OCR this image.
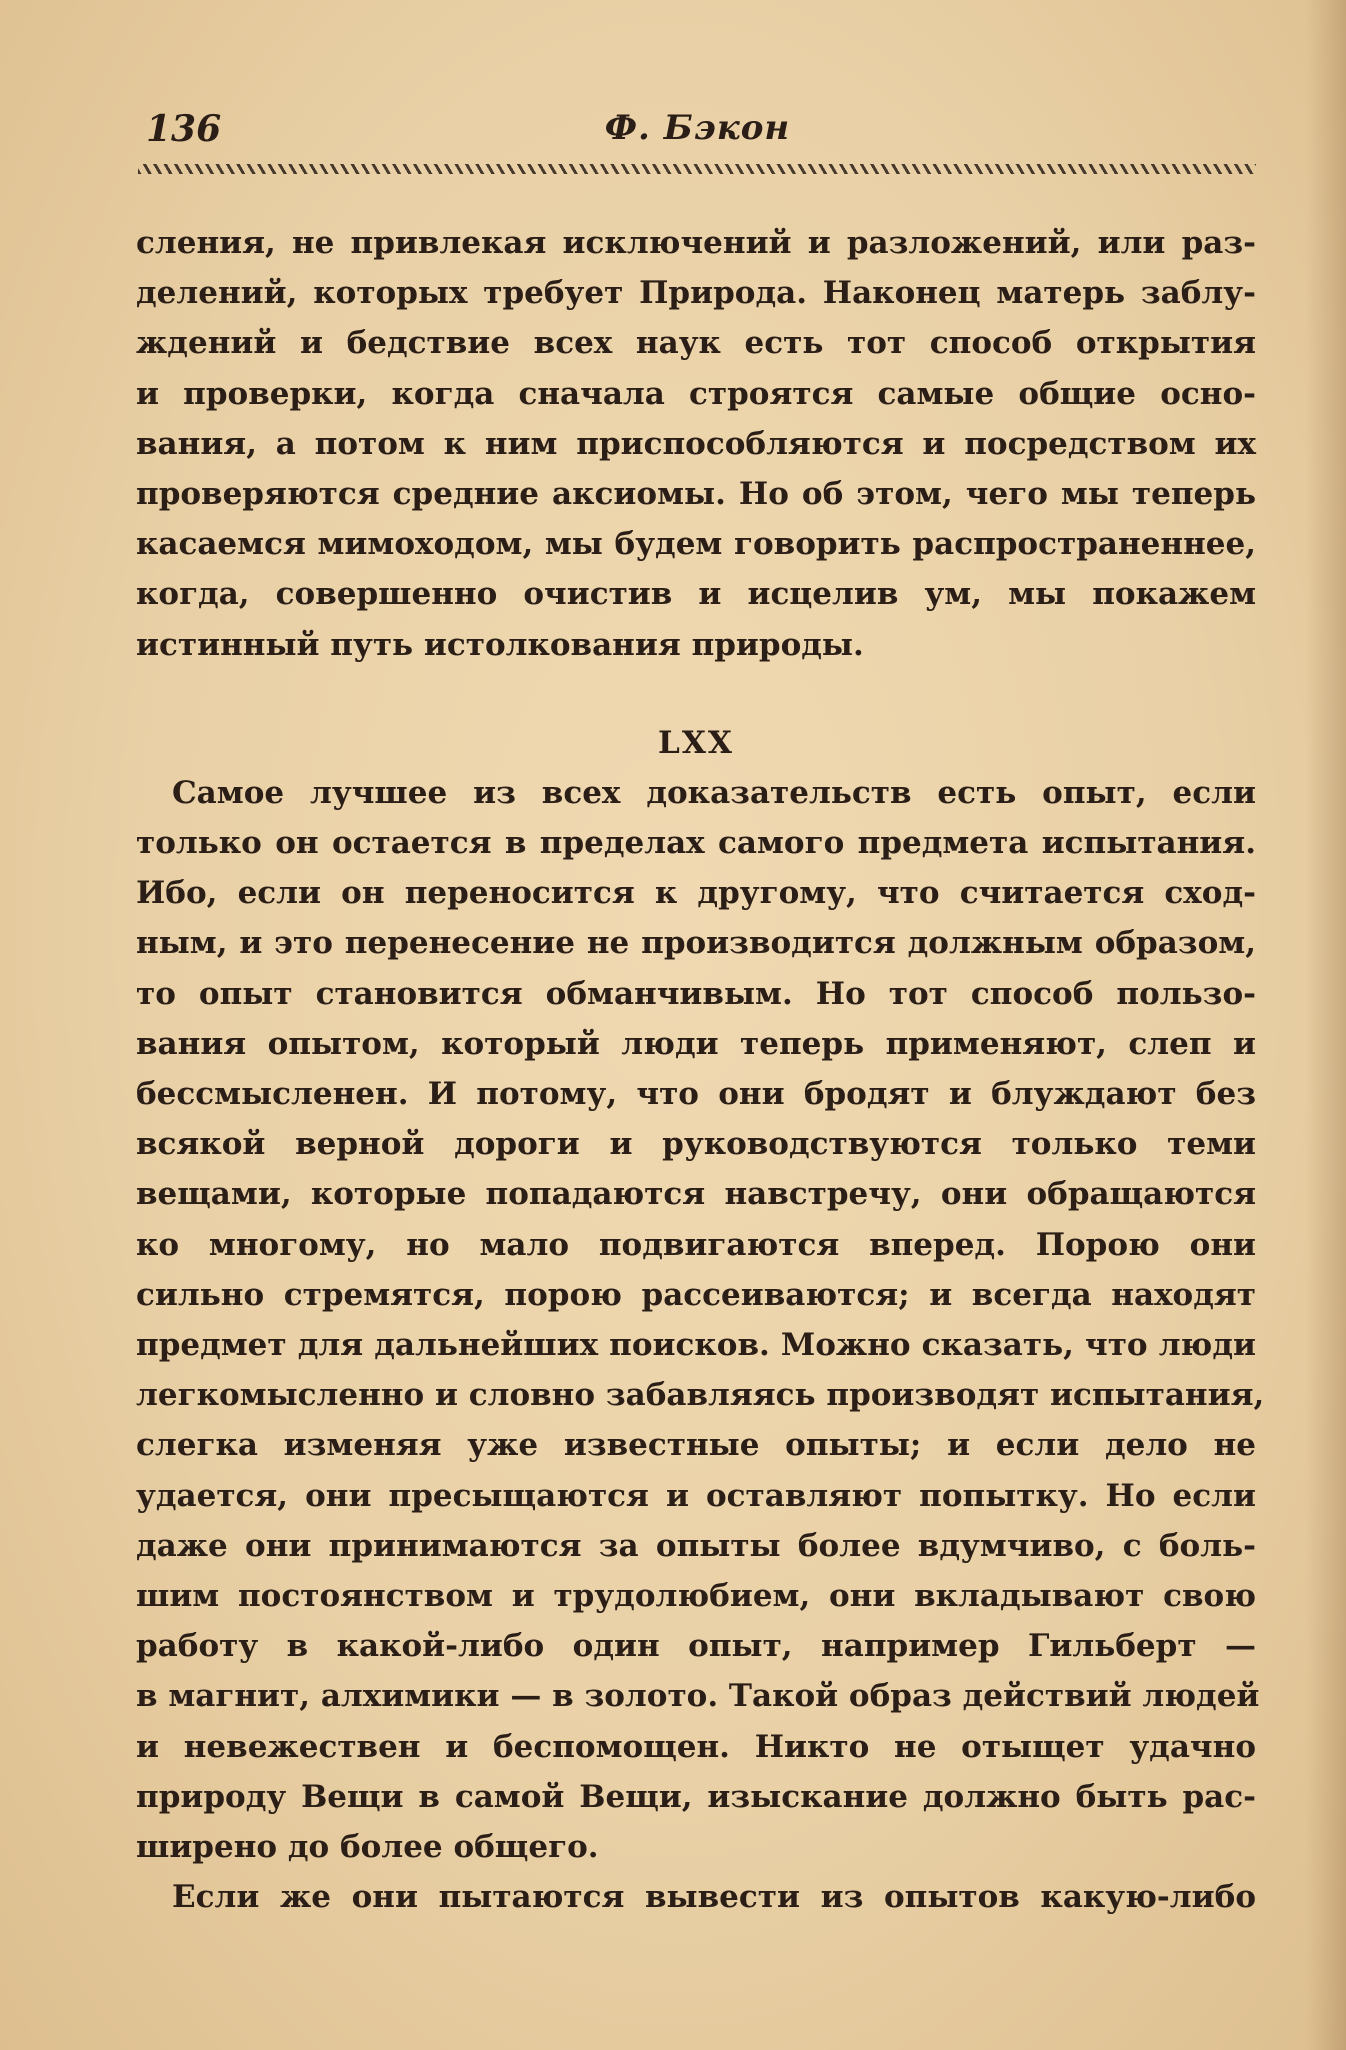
136	Ф. Бэкон

сления, не привлекая исключений и разложений, или раз-

делений, которых требует Природа. Наконец матерь заблу-

ждений и бедствие всех наук есть тот способ открытия

и проверки, когда сначала строятся самые общие осно-

вания, а потом к ним приспособляются и посредством их

проверяются средние аксиомы. Но об этом, чего мы теперь

касаемся мимоходом, мы будем говорить распространеннее,

когда, совершенно очистив и исцелив ум, мы покажем

истинный путь истолкования природы.

LXX

Самое лучшее из всех доказательств есть опыт, если

только он остается в пределах самого предмета испытания.

Ибо, если он переносится к другому, что считается сход-

ным, и это перенесение не производится должным образом,

то опыт становится обманчивым. Но тот способ пользо-

вания опытом, который люди теперь применяют, слеп и

бессмысленен. И потому, что они бродят и блуждают без

всякой верной дороги и руководствуются только теми

вещами, которые попадаются навстречу, они обращаются

ко многому, но мало подвигаются вперед. Порою они

сильно стремятся, порою рассеиваются; и всегда находят

предмет для дальнейших поисков. Можно сказать, что люди

легкомысленно и словно забавляясь производят испытания,

слегка изменяя уже известные опыты; и если дело не

удается, они пресыщаются и оставляют попытку. Но если

даже они принимаются за опыты более вдумчиво, с боль-

шим постоянством и трудолюбием, они вкладывают свою

работу в какой-либо один опыт, например Гильберт —

в магнит, алхимики — в золото. Такой образ действий людей

и невежествен и беспомощен. Никто не отыщет удачно

природу Вещи в самой Вещи, изыскание должно быть рас-

ширено до более общего.

Если же они пытаются вывести из опытов какую-либо
